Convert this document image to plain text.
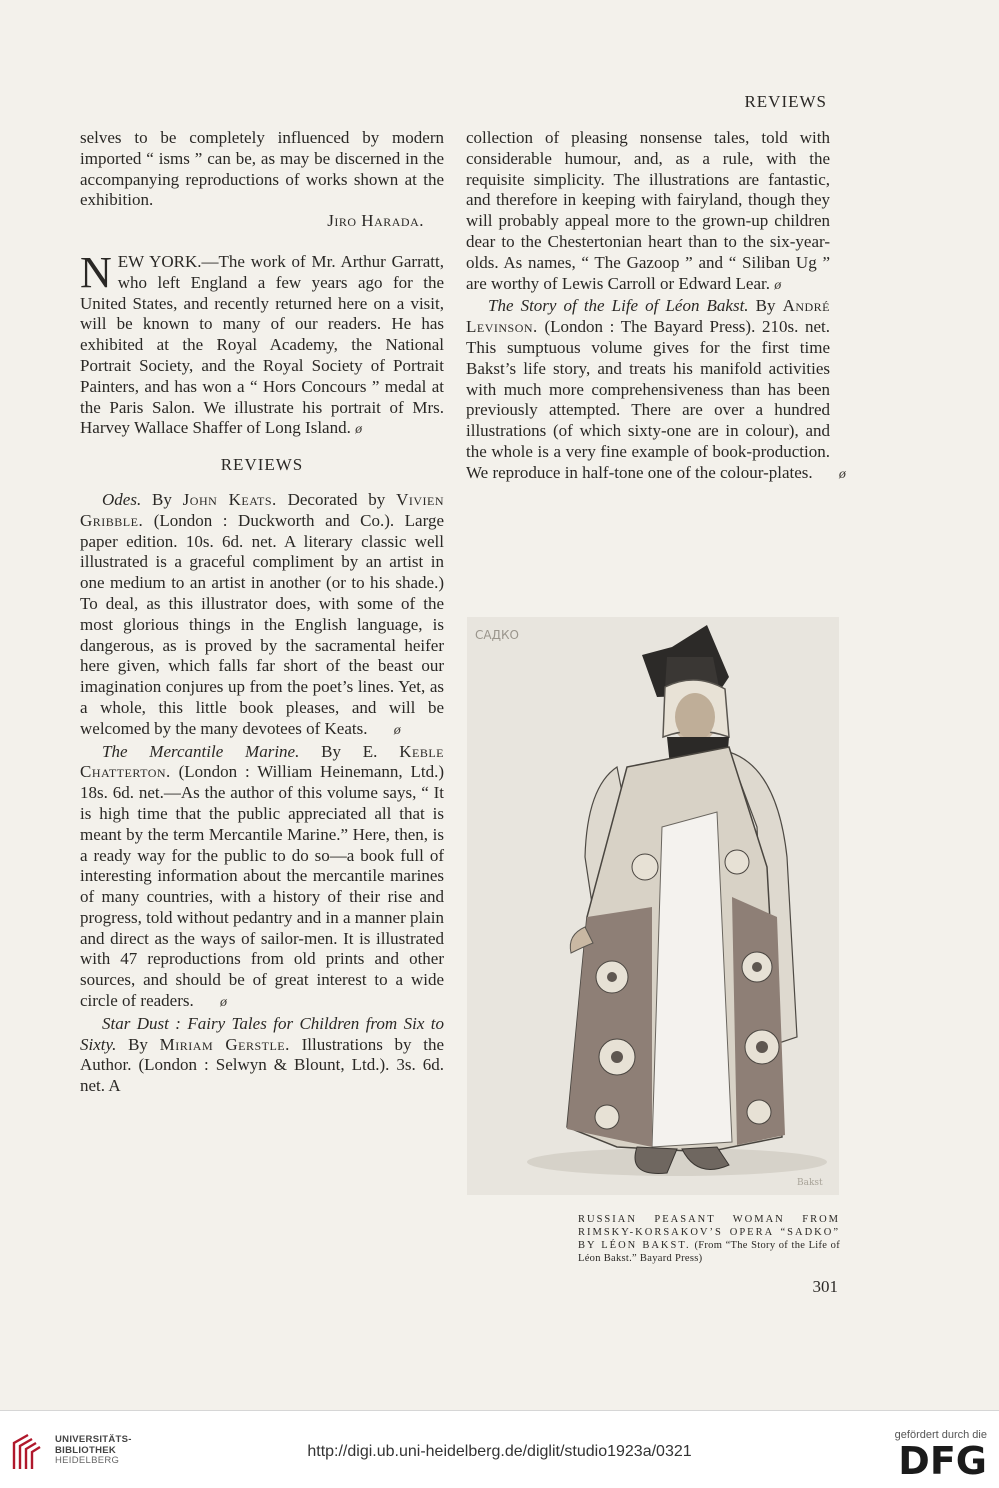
REVIEWS

selves to be completely influenced by modern imported “ isms ” can be, as may be discerned in the accompanying reproductions of works shown at the exhibition.

Jiro Harada.

NEW YORK.—The work of Mr. Arthur Garratt, who left England a few years ago for the United States, and recently returned here on a visit, will be known to many of our readers. He has exhibited at the Royal Academy, the National Portrait Society, and the Royal Society of Portrait Painters, and has won a “ Hors Concours ” medal at the Paris Salon. We illustrate his portrait of Mrs. Harvey Wallace Shaffer of Long Island. ø

REVIEWS

Odes. By John Keats. Decorated by Vivien Gribble. (London : Duckworth and Co.). Large paper edition. 10s. 6d. net. A literary classic well illustrated is a graceful compliment by an artist in one medium to an artist in another (or to his shade.) To deal, as this illustrator does, with some of the most glorious things in the English language, is dangerous, as is proved by the sacramental heifer here given, which falls far short of the beast our imagination conjures up from the poet’s lines. Yet, as a whole, this little book pleases, and will be welcomed by the many devotees of Keats. ø

The Mercantile Marine. By E. Keble Chatterton. (London : William Heinemann, Ltd.) 18s. 6d. net.—As the author of this volume says, “ It is high time that the public appreciated all that is meant by the term Mercantile Marine.” Here, then, is a ready way for the public to do so—a book full of interesting information about the mercantile marines of many countries, with a history of their rise and progress, told without pedantry and in a manner plain and direct as the ways of sailor-men. It is illustrated with 47 reproductions from old prints and other sources, and should be of great interest to a wide circle of readers. ø

Star Dust : Fairy Tales for Children from Six to Sixty. By Miriam Gerstle. Illustrations by the Author. (London : Selwyn & Blount, Ltd.). 3s. 6d. net. A

collection of pleasing nonsense tales, told with considerable humour, and, as a rule, with the requisite simplicity. The illustrations are fantastic, and therefore in keeping with fairyland, though they will probably appeal more to the grown-up children dear to the Chestertonian heart than to the six-year-olds. As names, “ The Gazoop ” and “ Siliban Ug ” are worthy of Lewis Carroll or Edward Lear. ø

The Story of the Life of Léon Bakst. By André Levinson. (London : The Bayard Press). 210s. net. This sumptuous volume gives for the first time Bakst’s life story, and treats his manifold activities with much more comprehensiveness than has been previously attempted. There are over a hundred illustrations (of which sixty-one are in colour), and the whole is a very fine example of book-production. We reproduce in half-tone one of the colour-plates. ø

САДКО
Bakst
RUSSIAN PEASANT WOMAN FROM RIMSKY-KORSAKOV’S OPERA “SADKO” BY LÉON BAKST. (From “The Story of the Life of Léon Bakst.” Bayard Press)
301
UNIVERSITÄTS-
BIBLIOTHEK
HEIDELBERG
http://digi.ub.uni-heidelberg.de/diglit/studio1923a/0321
gefördert durch die
DFG
